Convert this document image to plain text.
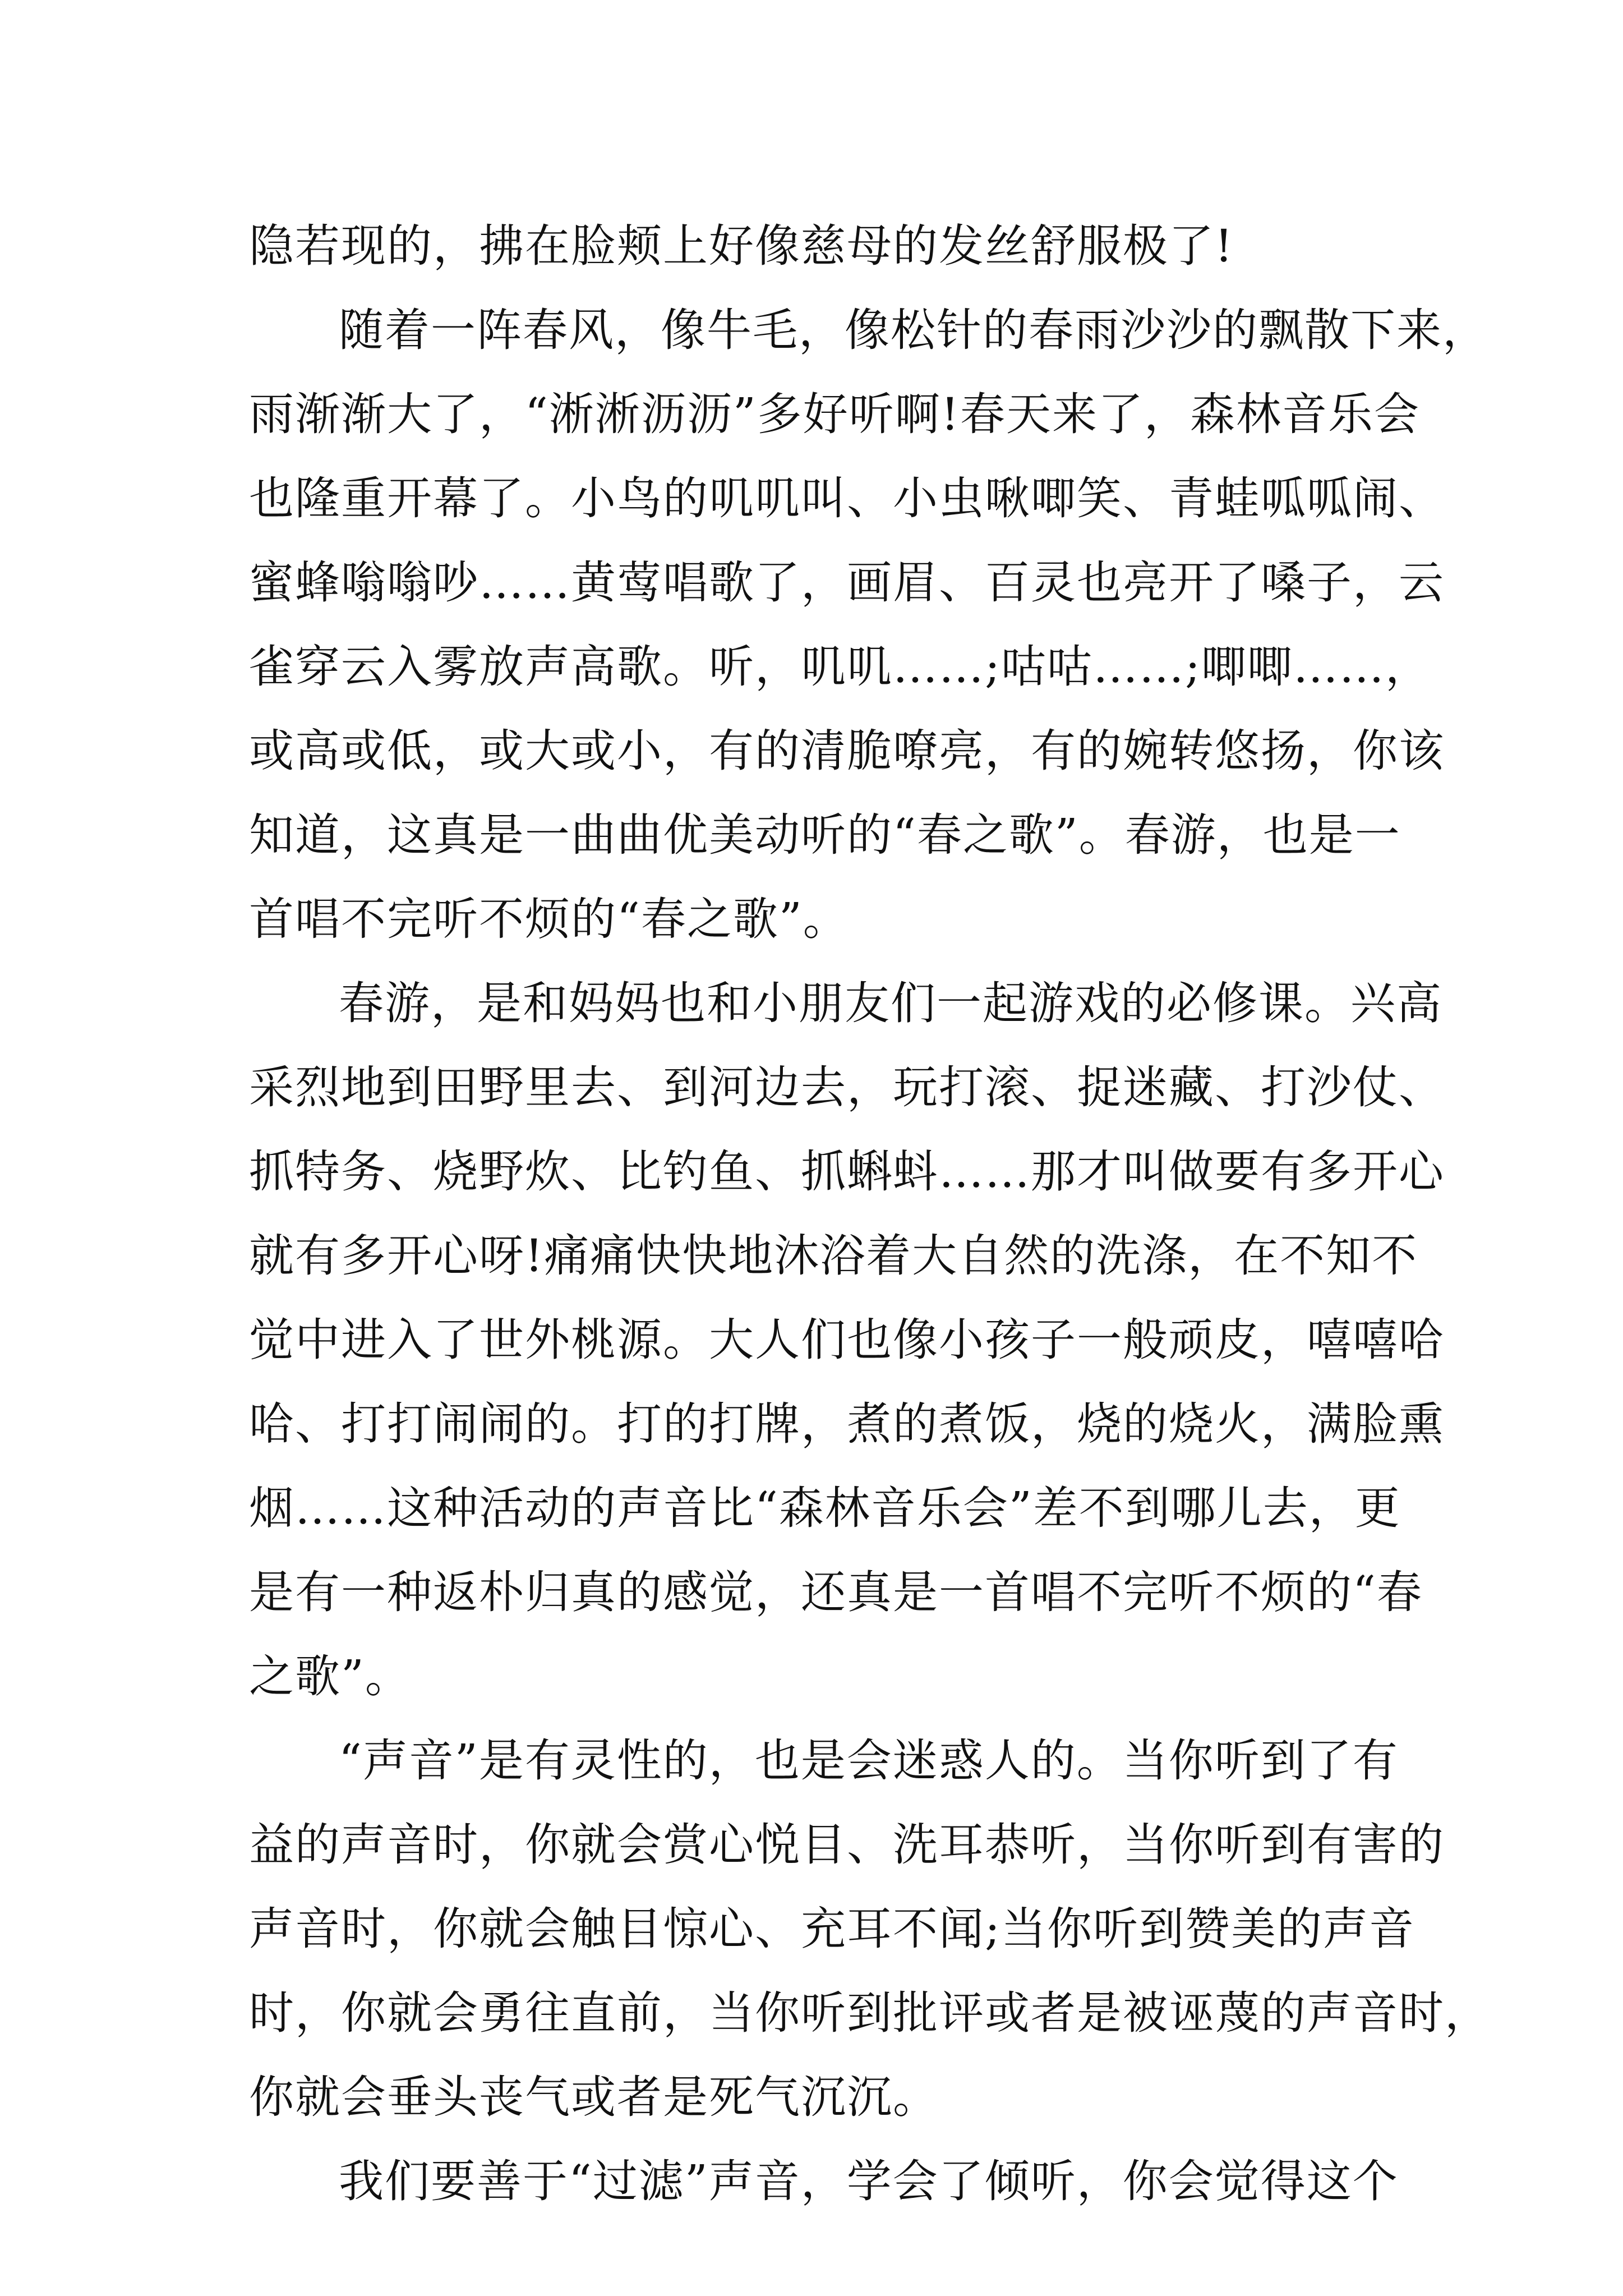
隐若现的，拂在脸颊上好像慈母的发丝舒服极了!
随着一阵春风，像牛毛，像松针的春雨沙沙的飘散下来，
雨渐渐大了，“淅淅沥沥”多好听啊!春天来了，森林音乐会
也隆重开幕了。小鸟的叽叽叫、小虫啾唧笑、青蛙呱呱闹、
蜜蜂嗡嗡吵……黄莺唱歌了，画眉、百灵也亮开了嗓子，云
雀穿云入雾放声高歌。听，叽叽……;咕咕……;唧唧……，
或高或低，或大或小，有的清脆嘹亮，有的婉转悠扬，你该
知道，这真是一曲曲优美动听的“春之歌”。春游，也是一
首唱不完听不烦的“春之歌”。
春游，是和妈妈也和小朋友们一起游戏的必修课。兴高
采烈地到田野里去、到河边去，玩打滚、捉迷藏、打沙仗、
抓特务、烧野炊、比钓鱼、抓蝌蚪……那才叫做要有多开心
就有多开心呀!痛痛快快地沐浴着大自然的洗涤，在不知不
觉中进入了世外桃源。大人们也像小孩子一般顽皮，嘻嘻哈
哈、打打闹闹的。打的打牌，煮的煮饭，烧的烧火，满脸熏
烟……这种活动的声音比“森林音乐会”差不到哪儿去，更
是有一种返朴归真的感觉，还真是一首唱不完听不烦的“春
之歌”。
“声音”是有灵性的，也是会迷惑人的。当你听到了有
益的声音时，你就会赏心悦目、洗耳恭听，当你听到有害的
声音时，你就会触目惊心、充耳不闻;当你听到赞美的声音
时，你就会勇往直前，当你听到批评或者是被诬蔑的声音时，
你就会垂头丧气或者是死气沉沉。
我们要善于“过滤”声音，学会了倾听，你会觉得这个
